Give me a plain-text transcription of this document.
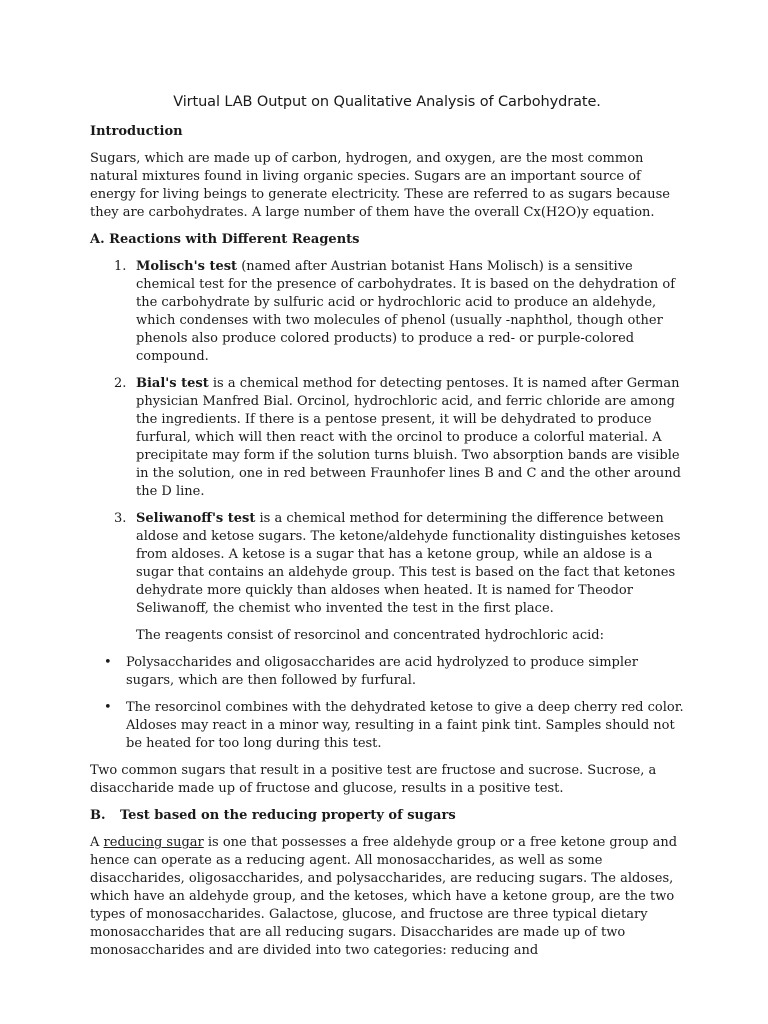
Virtual LAB Output on Qualitative Analysis of Carbohydrate.
Introduction

Sugars, which are made up of carbon, hydrogen, and oxygen, are the most common natural mixtures found in living organic species. Sugars are an important source of energy for living beings to generate electricity. These are referred to as sugars because they are carbohydrates. A large number of them have the overall Cx(H2O)y equation.

A. Reactions with Different Reagents
1. Molisch's test (named after Austrian botanist Hans Molisch) is a sensitive chemical test for the presence of carbohydrates. It is based on the dehydration of the carbohydrate by sulfuric acid or hydrochloric acid to produce an aldehyde, which condenses with two molecules of phenol (usually -naphthol, though other phenols also produce colored products) to produce a red- or purple-colored compound.
2. Bial's test is a chemical method for detecting pentoses. It is named after German physician Manfred Bial. Orcinol, hydrochloric acid, and ferric chloride are among the ingredients. If there is a pentose present, it will be dehydrated to produce furfural, which will then react with the orcinol to produce a colorful material. A precipitate may form if the solution turns bluish. Two absorption bands are visible in the solution, one in red between Fraunhofer lines B and C and the other around the D line.
3. Seliwanoff's test is a chemical method for determining the difference between aldose and ketose sugars. The ketone/aldehyde functionality distinguishes ketoses from aldoses. A ketose is a sugar that has a ketone group, while an aldose is a sugar that contains an aldehyde group. This test is based on the fact that ketones dehydrate more quickly than aldoses when heated. It is named for Theodor Seliwanoff, the chemist who invented the test in the first place.

The reagents consist of resorcinol and concentrated hydrochloric acid:

• Polysaccharides and oligosaccharides are acid hydrolyzed to produce simpler sugars, which are then followed by furfural.
• The resorcinol combines with the dehydrated ketose to give a deep cherry red color. Aldoses may react in a minor way, resulting in a faint pink tint. Samples should not be heated for too long during this test.

Two common sugars that result in a positive test are fructose and sucrose. Sucrose, a disaccharide made up of fructose and glucose, results in a positive test.

B. Test based on the reducing property of sugars

A reducing sugar is one that possesses a free aldehyde group or a free ketone group and hence can operate as a reducing agent. All monosaccharides, as well as some disaccharides, oligosaccharides, and polysaccharides, are reducing sugars. The aldoses, which have an aldehyde group, and the ketoses, which have a ketone group, are the two types of monosaccharides. Galactose, glucose, and fructose are three typical dietary monosaccharides that are all reducing sugars. Disaccharides are made up of two monosaccharides and are divided into two categories: reducing and
